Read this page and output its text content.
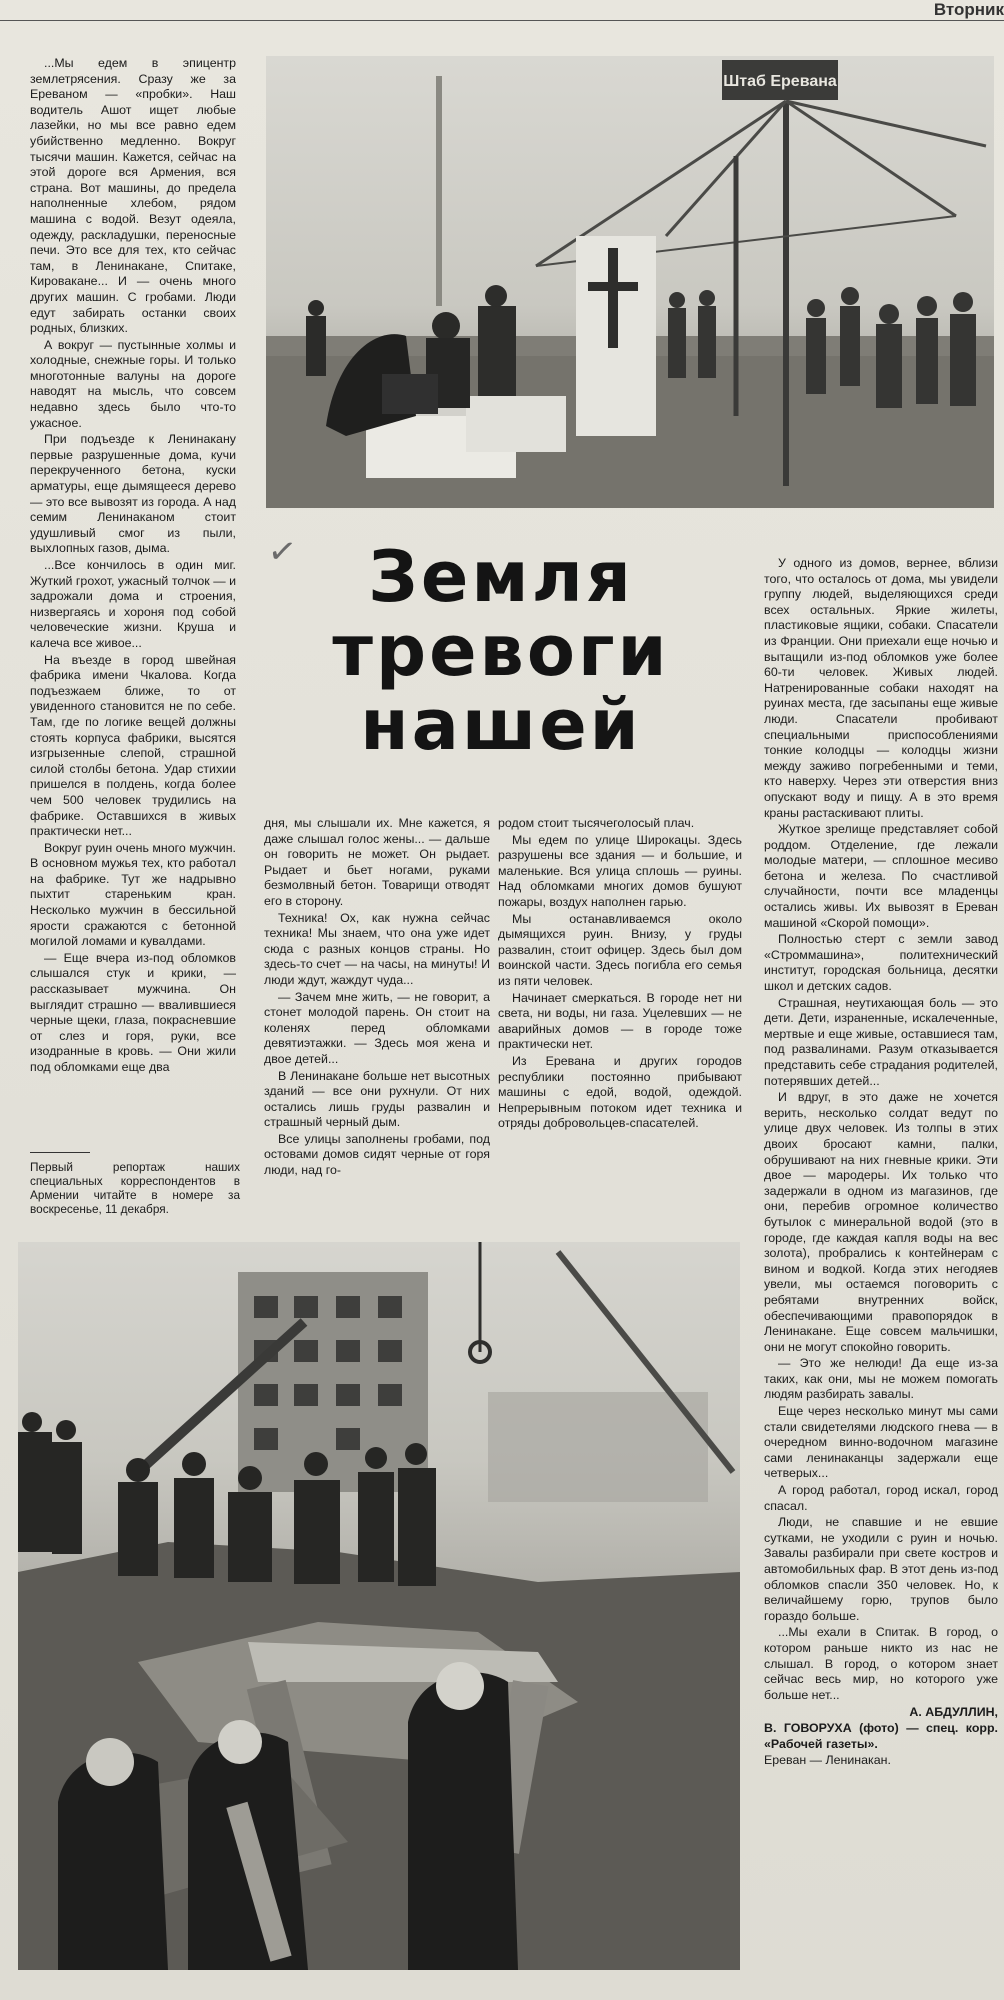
Вторник

...Мы едем в эпицентр землетрясения. Сразу же за Ереваном — «пробки». Наш водитель Ашот ищет любые лазейки, но мы все равно едем убийственно медленно. Вокруг тысячи машин. Кажется, сейчас на этой дороге вся Армения, вся страна. Вот машины, до предела наполненные хлебом, рядом машина с водой. Везут одеяла, одежду, раскладушки, переносные печи. Это все для тех, кто сейчас там, в Ленинакане, Спитаке, Кироваканe... И — очень много других машин. С гробами. Люди едут забирать останки своих родных, близких.

А вокруг — пустынные холмы и холодные, снежные горы. И только многотонные валуны на дороге наводят на мысль, что совсем недавно здесь было что-то ужасное.

При подъезде к Ленинакану первые разрушенные дома, кучи перекрученного бетона, куски арматуры, еще дымящееся дерево — это все вывозят из города. А над семим Ленинаканом стоит удушливый смог из пыли, выхлопных газов, дыма.

...Все кончилось в один миг. Жуткий грохот, ужасный толчок — и задрожали дома и строения, низвергаясь и хороня под собой человеческие жизни. Круша и калеча все живое...

На въезде в город швейная фабрика имени Чкалова. Когда подъезжаем ближе, то от увиденного становится не по себе. Там, где по логике вещей должны стоять корпуса фабрики, высятся изгрызенные слепой, страшной силой столбы бетона. Удар стихии пришелся в полдень, когда более чем 500 человек трудились на фабрике. Оставшихся в живых практически нет...

Вокруг руин очень много мужчин. В основном мужья тех, кто работал на фабрике. Тут же надрывно пыхтит стареньким кран. Несколько мужчин в бессильной ярости сражаются с бетонной могилой ломами и кувалдами.

— Еще вчера из-под обломков слышался стук и крики, — рассказывает мужчина. Он выглядит страшно — ввалившиеся черные щеки, глаза, покрасневшие от слез и горя, руки, все изодранные в кровь. — Они жили под обломками еще два

Первый репортаж наших специальных корреспондентов в Армении читайте в номере за воскресенье, 11 декабря.
Штаб Еревана
✓ Земля
тревоги
нашей

дня, мы слышали их. Мне кажется, я даже слышал голос жены... — дальше он говорить не может. Он рыдает. Рыдает и бьет ногами, руками безмолвный бетон. Товарищи отводят его в сторону.

Техника! Ох, как нужна сейчас техника! Мы знаем, что она уже идет сюда с разных концов страны. Но здесь-то счет — на часы, на минуты! И люди ждут, жаждут чуда...

— Зачем мне жить, — не говорит, а стонет молодой парень. Он стоит на коленях перед обломками девятиэтажки. — Здесь моя жена и двое детей...

В Ленинакане больше нет высотных зданий — все они рухнули. От них остались лишь груды развалин и страшный черный дым.

Все улицы заполнены гробами, под остовами домов сидят черные от горя люди, над го-

родом стоит тысячеголосый плач.

Мы едем по улице Широкацы. Здесь разрушены все здания — и большие, и маленькие. Вся улица сплошь — руины. Над обломками многих домов бушуют пожары, воздух наполнен гарью.

Мы останавливаемся около дымящихся руин. Внизу, у груды развалин, стоит офицер. Здесь был дом воинской части. Здесь погибла его семья из пяти человек.

Начинает смеркаться. В городе нет ни света, ни воды, ни газа. Уцелевших — не аварийных домов — в городе тоже практически нет.

Из Еревана и других городов республики постоянно прибывают машины с едой, водой, одеждой. Непрерывным потоком идет техника и отряды добровольцев-спасателей.

У одного из домов, вернее, вблизи того, что осталось от дома, мы увидели группу людей, выделяющихся среди всех остальных. Яркие жилеты, пластиковые ящики, собаки. Спасатели из Франции. Они приехали еще ночью и вытащили из-под обломков уже более 60-ти человек. Живых людей. Натренированные собаки находят на руинах места, где засыпаны еще живые люди. Спасатели пробивают специальными приспособлениями тонкие колодцы — колодцы жизни между заживо погребенными и теми, кто наверху. Через эти отверстия вниз опускают воду и пищу. А в это время краны растаскивают плиты.

Жуткое зрелище представляет собой роддом. Отделение, где лежали молодые матери, — сплошное месиво бетона и железа. По счастливой случайности, почти все младенцы остались живы. Их вывозят в Ереван машиной «Скорой помощи».

Полностью стерт с земли завод «Строммашина», политехнический институт, городская больница, десятки школ и детских садов.

Страшная, неутихающая боль — это дети. Дети, израненные, искалеченные, мертвые и еще живые, оставшиеся там, под развалинами. Разум отказывается представить себе страдания родителей, потерявших детей...

И вдруг, в это даже не хочется верить, несколько солдат ведут по улице двух человек. Из толпы в этих двоих бросают камни, палки, обрушивают на них гневные крики. Эти двое — мародеры. Их только что задержали в одном из магазинов, где они, перебив огромное количество бутылок с минеральной водой (это в городе, где каждая капля воды на вес золота), пробрались к контейнерам с вином и водкой. Когда этих негодяев увели, мы остаемся поговорить с ребятами внутренних войск, обеспечивающими правопорядок в Ленинакане. Еще совсем мальчишки, они не могут спокойно говорить.

— Это же нелюди! Да еще из-за таких, как они, мы не можем помогать людям разбирать завалы.

Еще через несколько минут мы сами стали свидетелями людского гнева — в очередном винно-водочном магазине сами ленинаканцы задержали еще четверых...

А город работал, город искал, город спасал.

Люди, не спавшие и не евшие сутками, не уходили с руин и ночью. Завалы разбирали при свете костров и автомобильных фар. В этот день из-под обломков спасли 350 человек. Но, к величайшему горю, трупов было гораздо больше.

...Мы ехали в Спитак. В город, о котором раньше никто из нас не слышал. В город, о котором знает сейчас весь мир, но которого уже больше нет...

А. АБДУЛЛИН,

В. ГОВОРУХА (фото) — спец. корр. «Рабочей газеты».

Ереван — Ленинакан.
